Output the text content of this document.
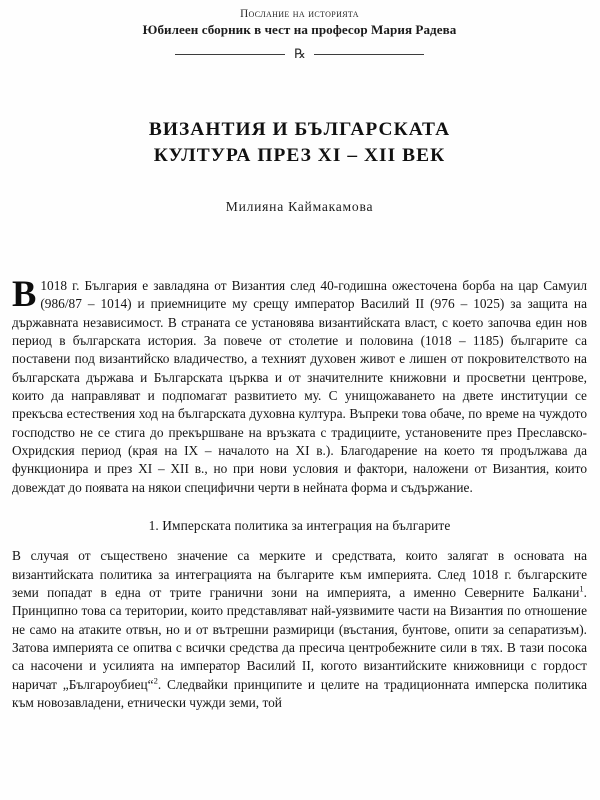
Послание на историята
Юбилеен сборник в чест на професор Мария Радева
℞
ВИЗАНТИЯ И БЪЛГАРСКАТА
КУЛТУРА ПРЕЗ XI – XII ВЕК
Милияна Каймакамова

В 1018 г. България е завладяна от Византия след 40-годишна ожесточена борба на цар Самуил (986/87 – 1014) и приемниците му срещу император Василий II (976 – 1025) за защита на държавната независимост. В страната се установява византийската власт, с което започва един нов период в българската история. За повече от столетие и половина (1018 – 1185) българите са поставени под византийско владичество, а техният духовен живот е лишен от покровителството на българската държава и Българската църква и от значителните книжовни и просветни центрове, които да направляват и подпомагат развитието му. С унищожаването на двете институции се прекъсва естествения ход на българската духовна култура. Въпреки това обаче, по време на чуждото господство не се стига до прекършване на връзката с традициите, установените през Преславско-Охридския период (края на IX – началото на XI в.). Благодарение на което тя продължава да функционира и през XI – XII в., но при нови условия и фактори, наложени от Византия, които довеждат до появата на някои специфични черти в нейната форма и съдържание.

1. Имперската политика за интеграция на българите

В случая от съществено значение са мерките и средствата, които залягат в основата на византийската политика за интеграцията на българите към империята. След 1018 г. българските земи попадат в една от трите гранични зони на империята, а именно Северните Балкани$^1$. Принципно това са територии, които представляват най-уязвимите части на Византия по отношение не само на атаките отвън, но и от вътрешни размирици (въстания, бунтове, опити за сепаратизъм). Затова империята се опитва с всички средства да пресича центробежните сили в тях. В тази посока са насочени и усилията на император Василий II, когото византийските книжовници с гордост наричат „Българоубиец“$^2$. Следвайки принципите и целите на традиционната имперска политика към новозавладени, етнически чужди земи, той
